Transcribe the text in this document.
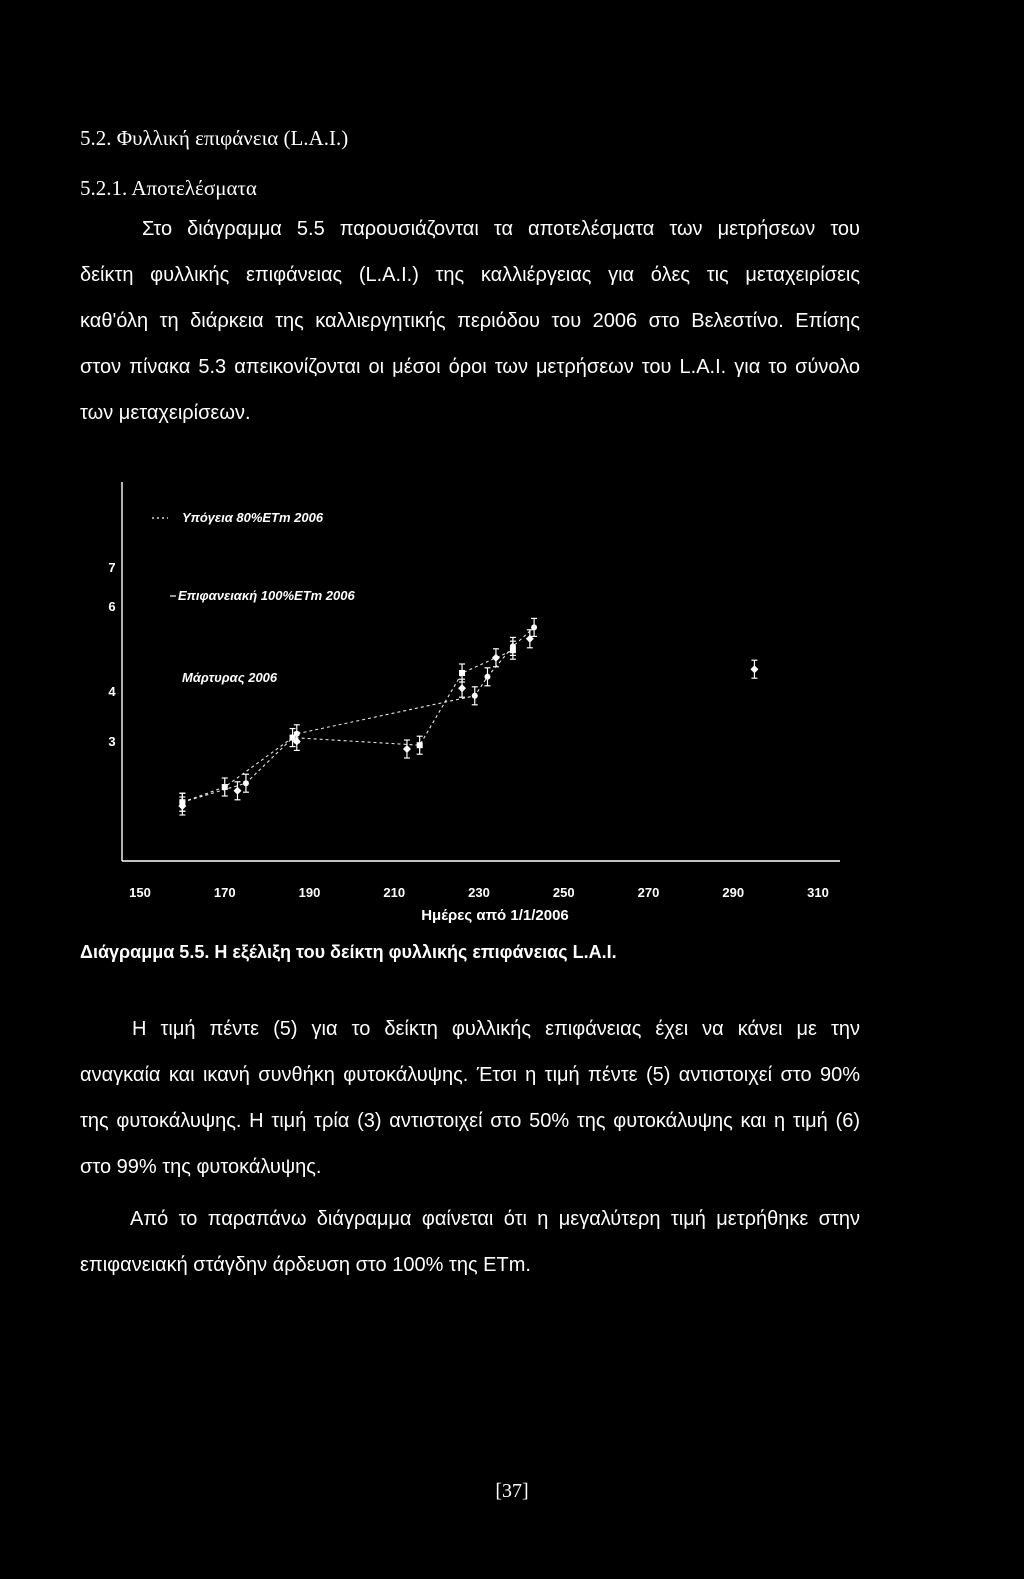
5.2. Φυλλική επιφάνεια (L.A.I.)
5.2.1. Αποτελέσματα
Στο διάγραμμα 5.5 παρουσιάζονται τα αποτελέσματα των μετρήσεων του
δείκτη φυλλικής επιφάνειας (L.A.I.) της καλλιέργειας για όλες τις μεταχειρίσεις
καθ'όλη τη διάρκεια της καλλιεργητικής περιόδου του 2006 στο Βελεστίνο. Επίσης
στον πίνακα 5.3 απεικονίζονται οι μέσοι όροι των μετρήσεων του L.A.I. για το σύνολο
των μεταχειρίσεων.
Υπόγεια 80%ETm 2006
Επιφανειακή 100%ETm 2006
Μάρτυρας 2006
150	170	190	210	230	250	270	290	310
3
4
6
7
Ημέρες από 1/1/2006
Διάγραμμα 5.5. Η εξέλιξη του δείκτη φυλλικής επιφάνειας L.A.I.
Η τιμή πέντε (5) για το δείκτη φυλλικής επιφάνειας έχει να κάνει με την
αναγκαία και ικανή συνθήκη φυτοκάλυψης. Έτσι η τιμή πέντε (5) αντιστοιχεί στο 90%
της φυτοκάλυψης. Η τιμή τρία (3) αντιστοιχεί στο 50% της φυτοκάλυψης και η τιμή (6)
στο 99% της φυτοκάλυψης.
Από το παραπάνω διάγραμμα φαίνεται ότι η μεγαλύτερη τιμή μετρήθηκε στην
επιφανειακή στάγδην άρδευση στο 100% της ETm.
[37]
